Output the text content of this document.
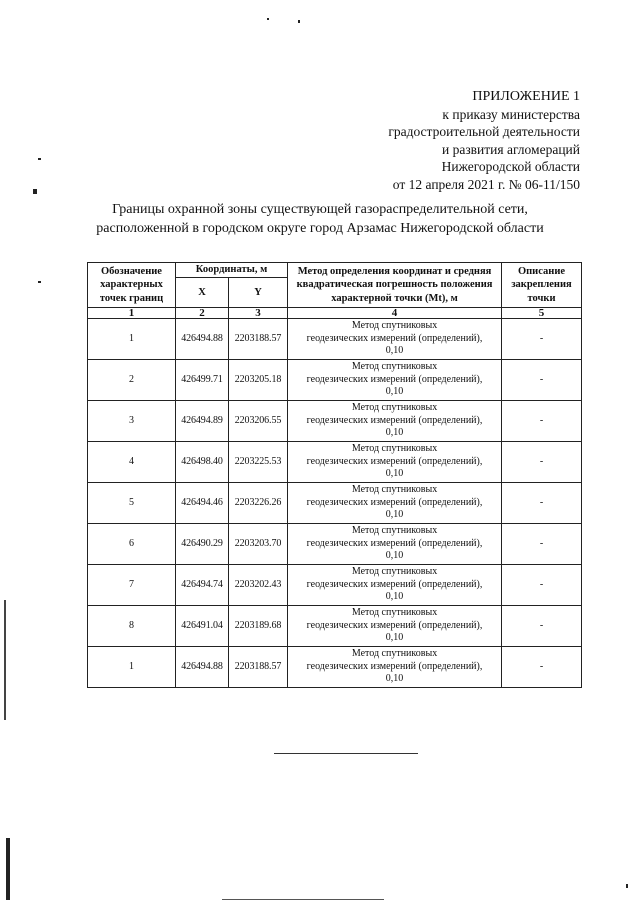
ПРИЛОЖЕНИЕ 1
к приказу министерства
градостроительной деятельности
и развития агломераций
Нижегородской области
от 12 апреля 2021 г. № 06-11/150
Границы охранной зоны существующей газораспределительной сети,
расположенной в городском округе город Арзамас Нижегородской области
Обозначение характерных точек границ	Координаты, м		Метод определения координат и средняя квадратическая погрешность положения характерной точки (Mt), м	Описание закрепления точки
	X	Y		
1	2	3	4	5
1	426494.88	2203188.57	Метод спутниковых
геодезических измерений (определений),
0,10	-
2	426499.71	2203205.18	Метод спутниковых
геодезических измерений (определений),
0,10	-
3	426494.89	2203206.55	Метод спутниковых
геодезических измерений (определений),
0,10	-
4	426498.40	2203225.53	Метод спутниковых
геодезических измерений (определений),
0,10	-
5	426494.46	2203226.26	Метод спутниковых
геодезических измерений (определений),
0,10	-
6	426490.29	2203203.70	Метод спутниковых
геодезических измерений (определений),
0,10	-
7	426494.74	2203202.43	Метод спутниковых
геодезических измерений (определений),
0,10	-
8	426491.04	2203189.68	Метод спутниковых
геодезических измерений (определений),
0,10	-
1	426494.88	2203188.57	Метод спутниковых
геодезических измерений (определений),
0,10	-
